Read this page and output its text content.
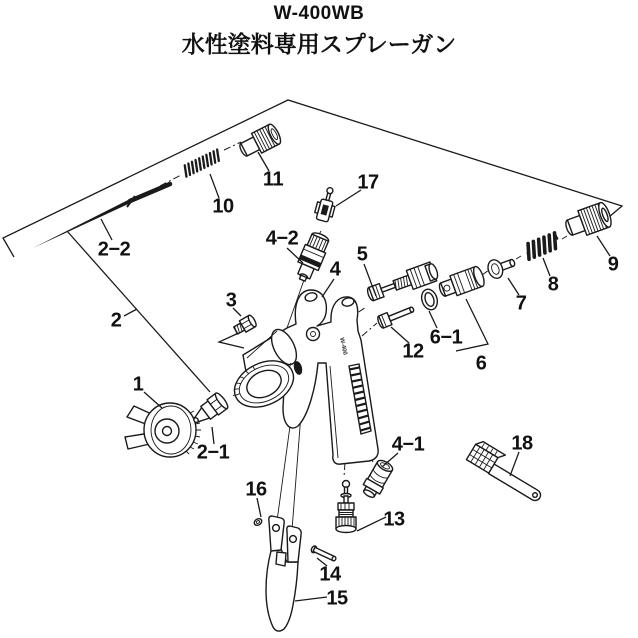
W-400WB
水性塗料専用スプレーガン
W-400
1
2
2−1
2−2
3
4
4−1
4−2
5
6
6−1
7
8
9
10
11
12
13
14
15
16
17
18
